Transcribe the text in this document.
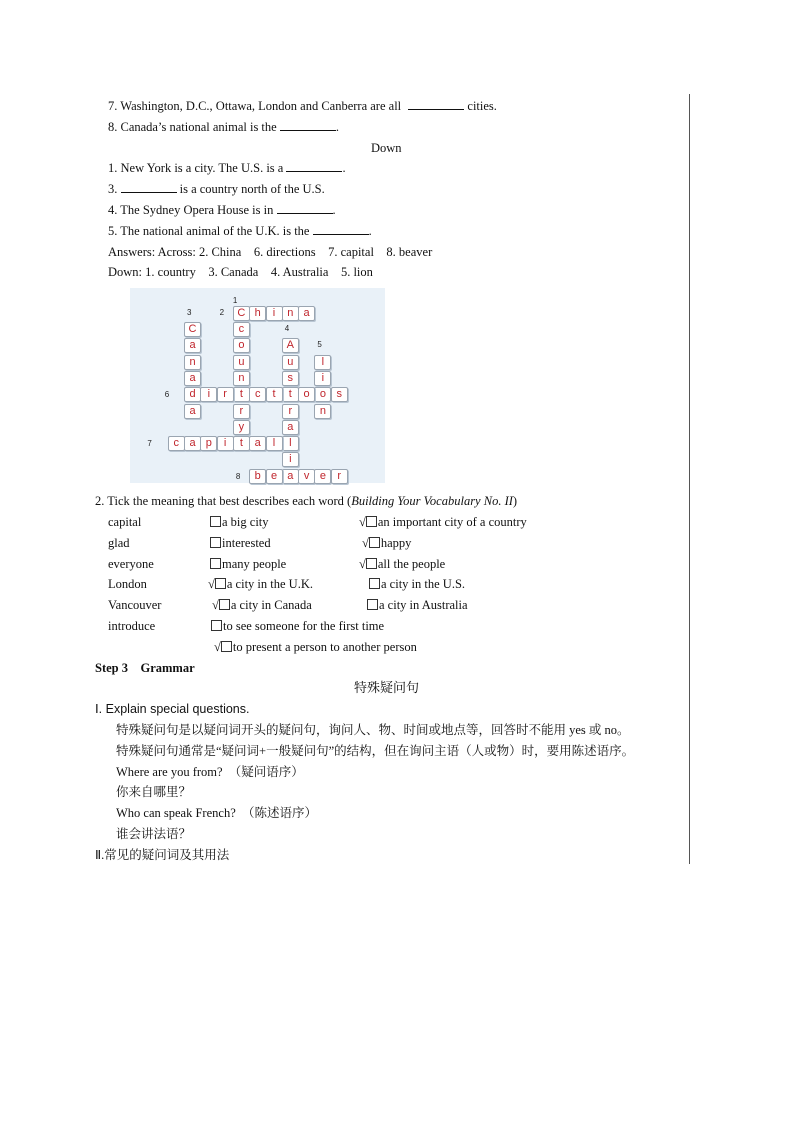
7. Washington, D.C., Ottawa, London and Canberra are all	cities.
8. Canada’s national animal is the	.
Down
1. New York is a city. The U.S. is a	.
3.	is a country north of the U.S.
4. The Sydney Opera House is in	.
5. The national animal of the U.K. is the	.
Answers: Across: 2. China    6. directions    7. capital    8. beaver
Down: 1. country    3. Canada    4. Australia    5. lion
C h	i	n a
c
o
u
n
t
r
y
C
a
n
a
d
a
A
u
s
t
r
a
l
i
a
l
i
o
n
i	r	c	t	o	s
c a p	i	t	a	l
b e	v e	r
1
2
3
4
5
6
7
8
2. Tick the meaning that best describes each word (Building Your Vocabulary No. II)
capital	a big city	√ an important city of a country
glad	interested	√ happy
everyone	many people	√ all the people
London	√ a city in the U.K.	a city in the U.S.
Vancouver	√ a city in Canada	a city in Australia
introduce	to see someone for the first time
√ to present a person to another person
Step 3 Grammar
特殊疑问句
Ⅰ. Explain special questions.
特殊疑问句是以疑问词开头的疑问句，询问人、物、时间或地点等，回答时不能用 yes 或 no。
特殊疑问句通常是“疑问词+一般疑问句”的结构，但在询问主语（人或物）时，要用陈述语序。
Where are you from?  （疑问语序）
你来自哪里？
Who can speak French?  （陈述语序）
谁会讲法语？
Ⅱ.常见的疑问词及其用法
